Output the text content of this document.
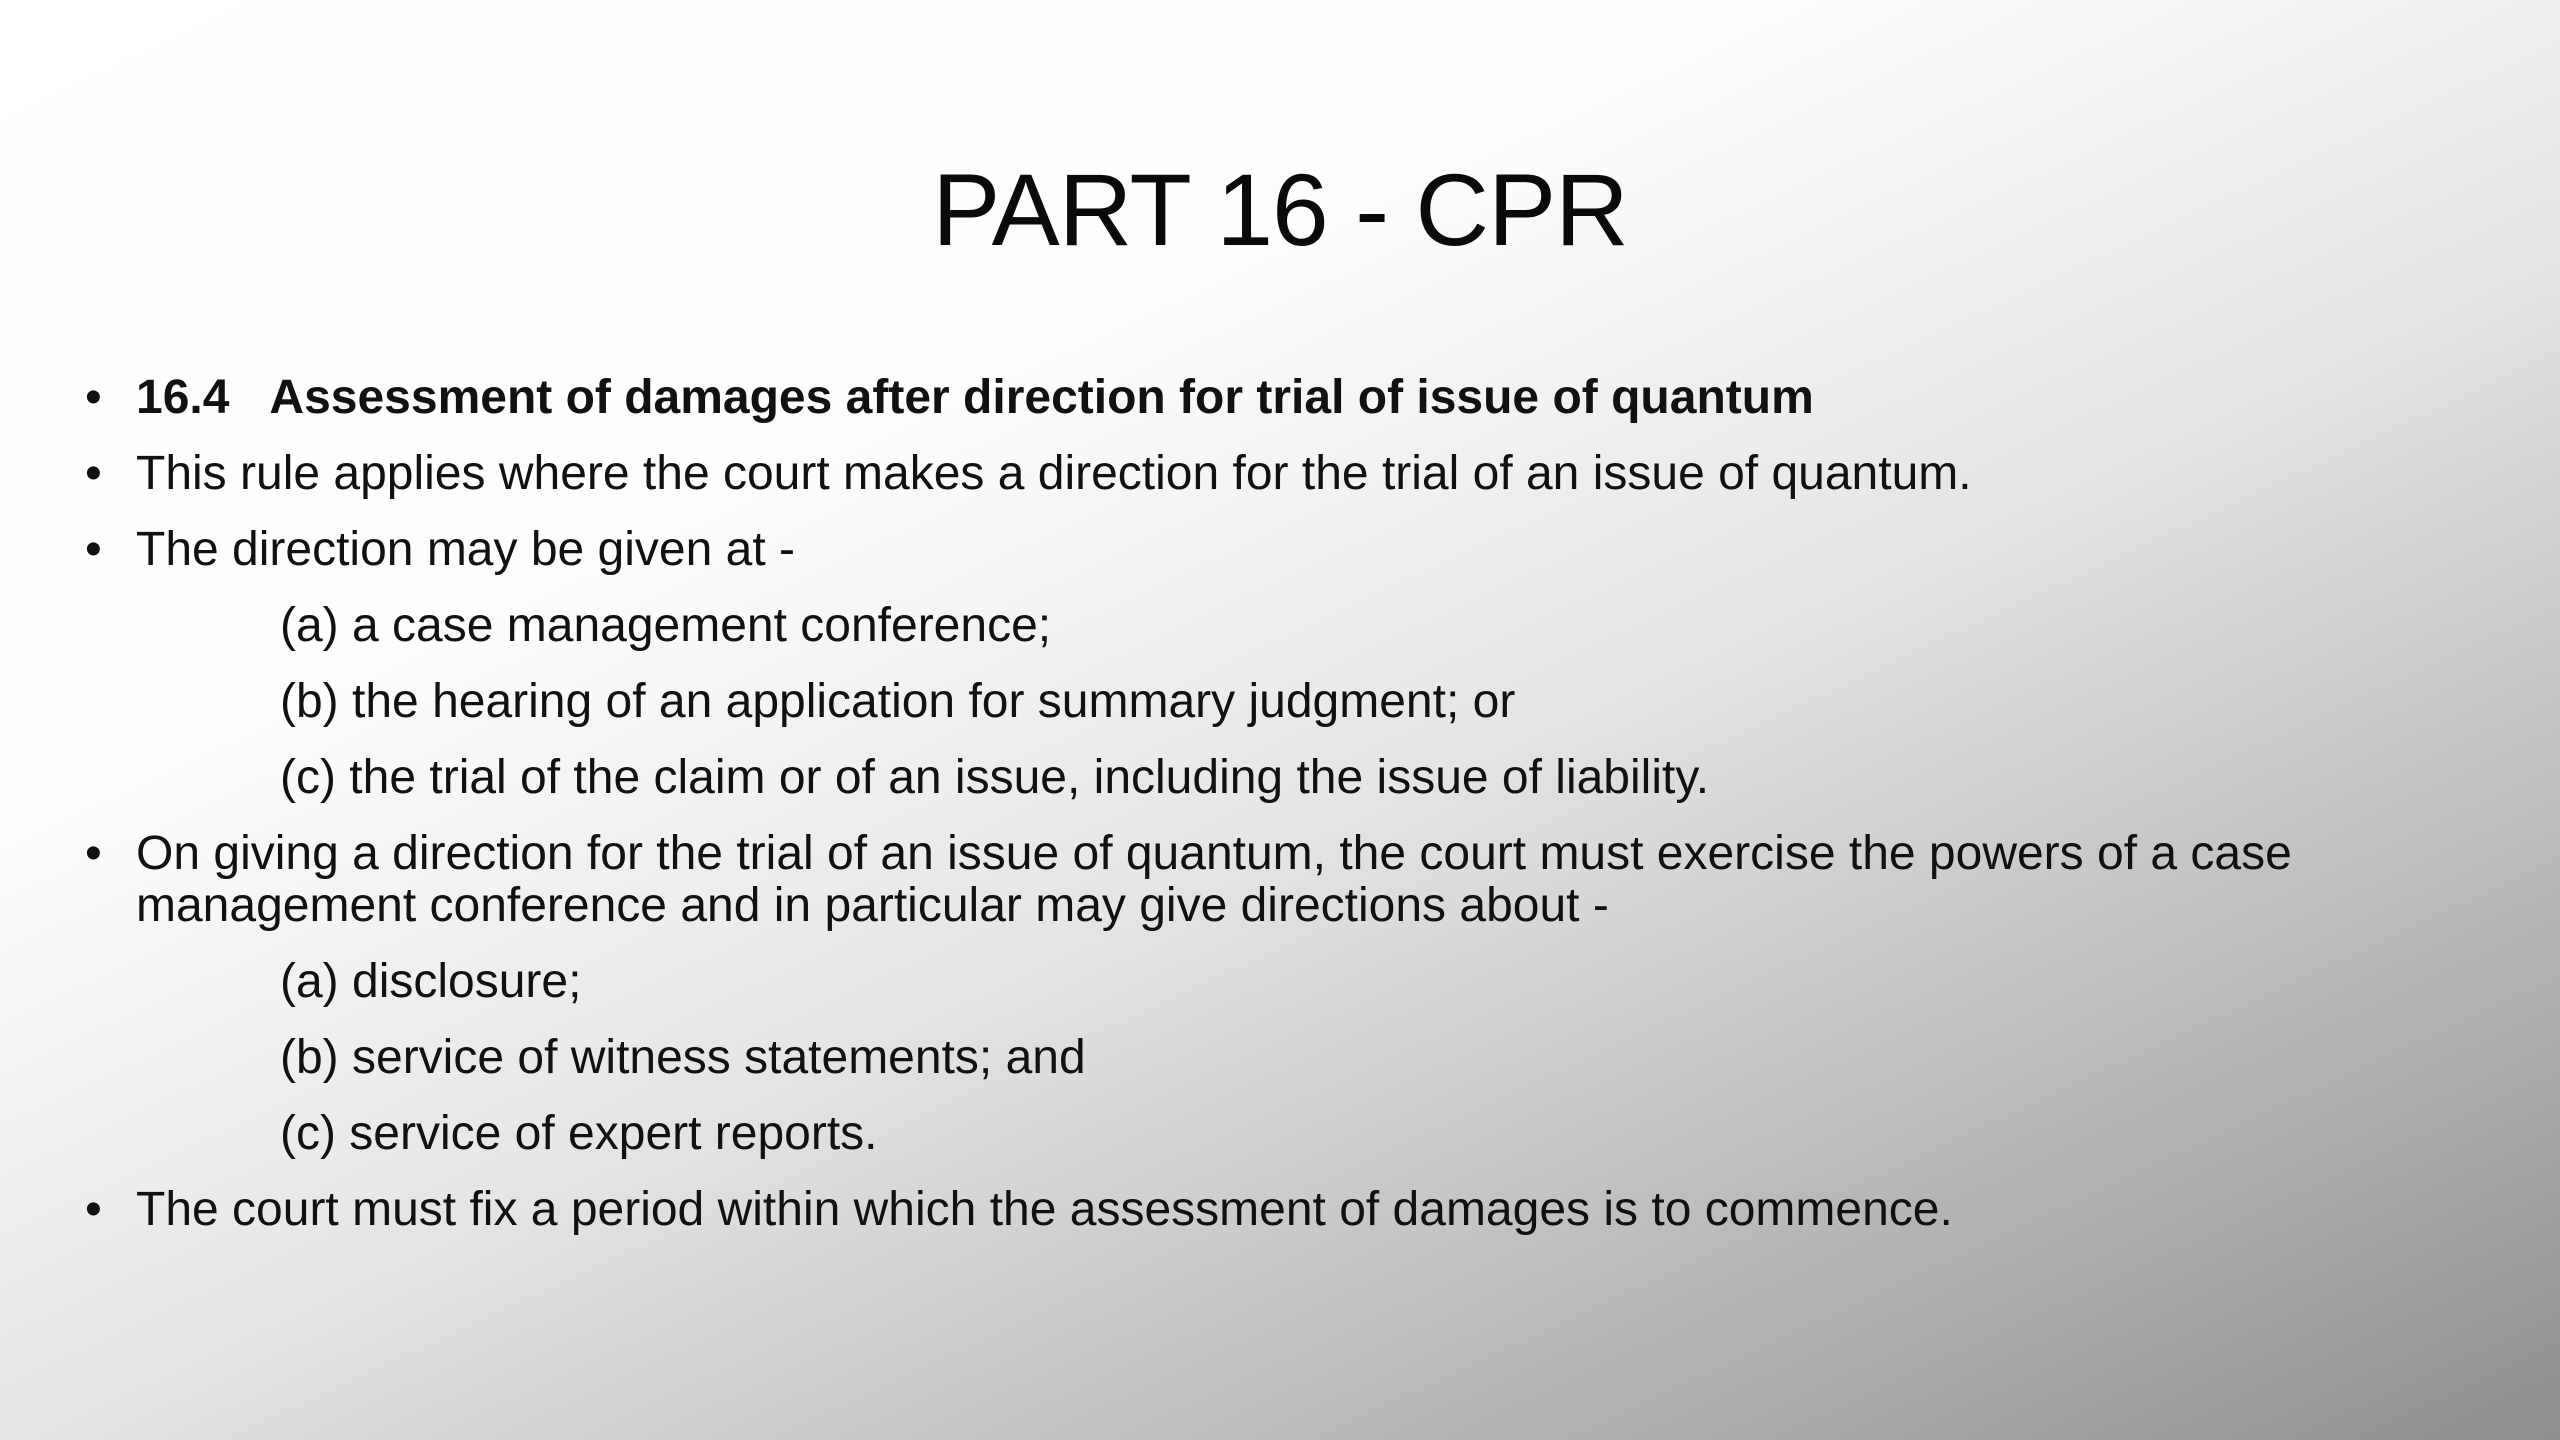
PART 16 - CPR
• 16.4 Assessment of damages after direction for trial of issue of quantum
• This rule applies where the court makes a direction for the trial of an issue of quantum.
• The direction may be given at -
(a) a case management conference;
(b) the hearing of an application for summary judgment; or
(c) the trial of the claim or of an issue, including the issue of liability.
• On giving a direction for the trial of an issue of quantum, the court must exercise the powers of a case management conference and in particular may give directions about -
(a) disclosure;
(b) service of witness statements; and
(c) service of expert reports.
• The court must fix a period within which the assessment of damages is to commence.
